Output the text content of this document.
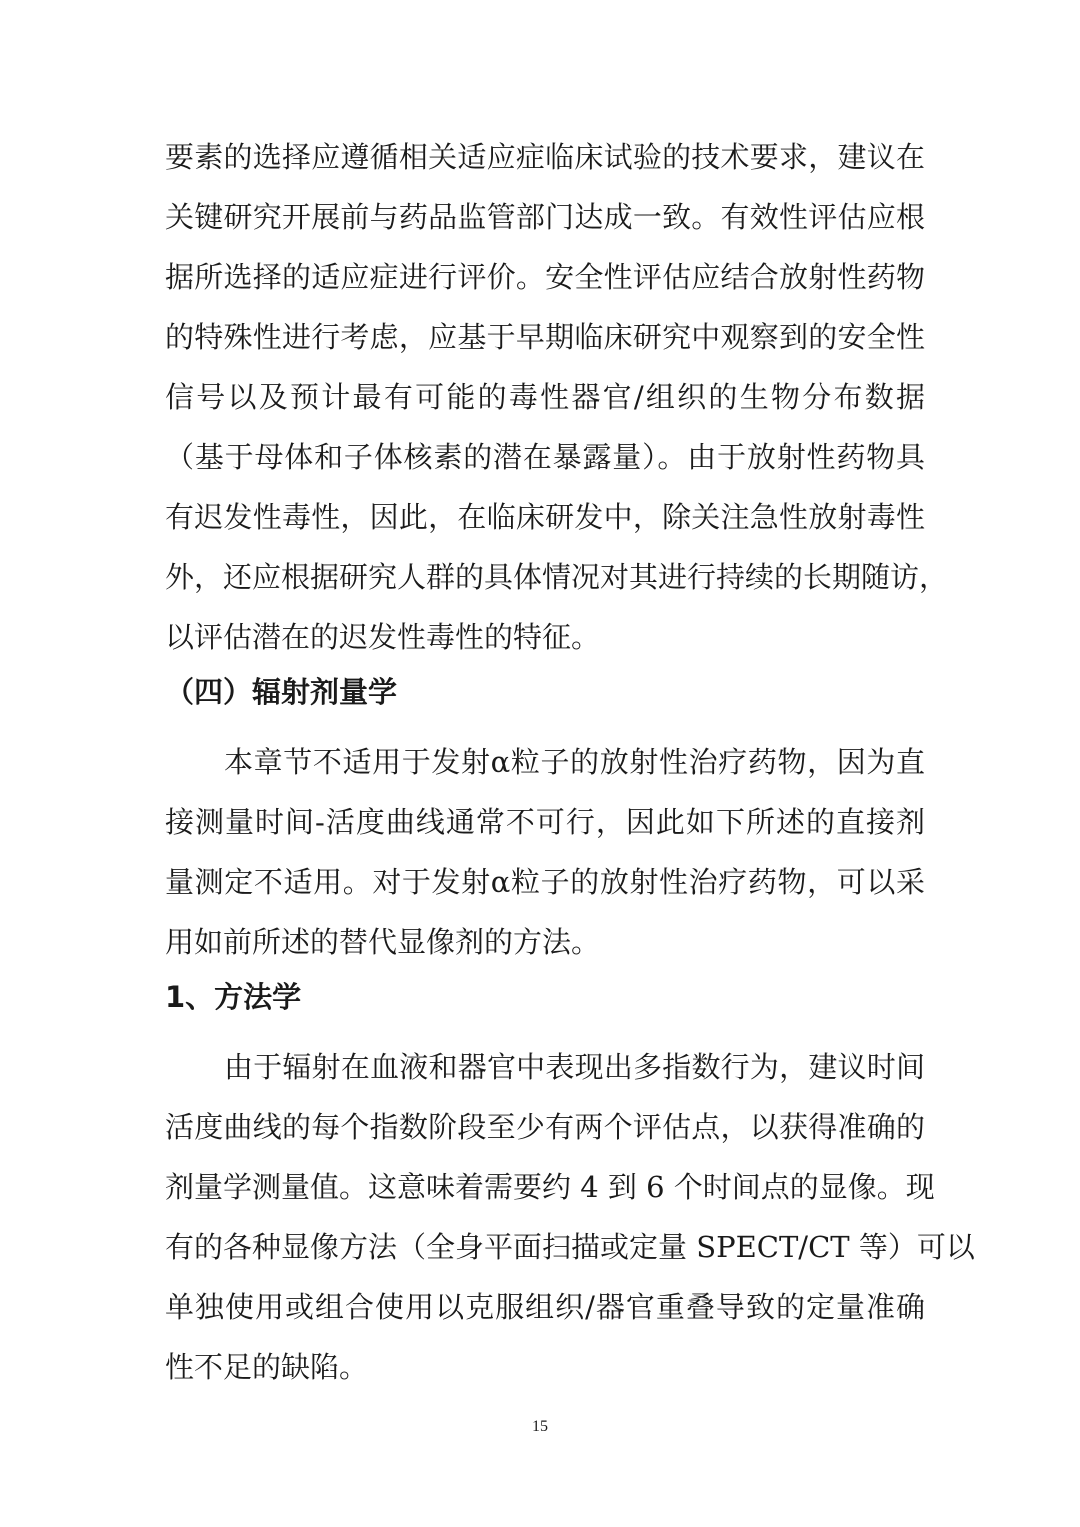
要素的选择应遵循相关适应症临床试验的技术要求，建议在
关键研究开展前与药品监管部门达成一致。有效性评估应根
据所选择的适应症进行评价。安全性评估应结合放射性药物
的特殊性进行考虑，应基于早期临床研究中观察到的安全性
信号以及预计最有可能的毒性器官/组织的生物分布数据
（基于母体和子体核素的潜在暴露量）。由于放射性药物具
有迟发性毒性，因此，在临床研发中，除关注急性放射毒性
外，还应根据研究人群的具体情况对其进行持续的长期随访，
以评估潜在的迟发性毒性的特征。
（四）辐射剂量学
本章节不适用于发射α粒子的放射性治疗药物，因为直
接测量时间-活度曲线通常不可行，因此如下所述的直接剂
量测定不适用。对于发射α粒子的放射性治疗药物，可以采
用如前所述的替代显像剂的方法。
1、方法学
由于辐射在血液和器官中表现出多指数行为，建议时间
活度曲线的每个指数阶段至少有两个评估点，以获得准确的
剂量学测量值。这意味着需要约 4 到 6 个时间点的显像。现
有的各种显像方法（全身平面扫描或定量 SPECT/CT 等）可以
单独使用或组合使用以克服组织/器官重叠导致的定量准确
性不足的缺陷。
15
